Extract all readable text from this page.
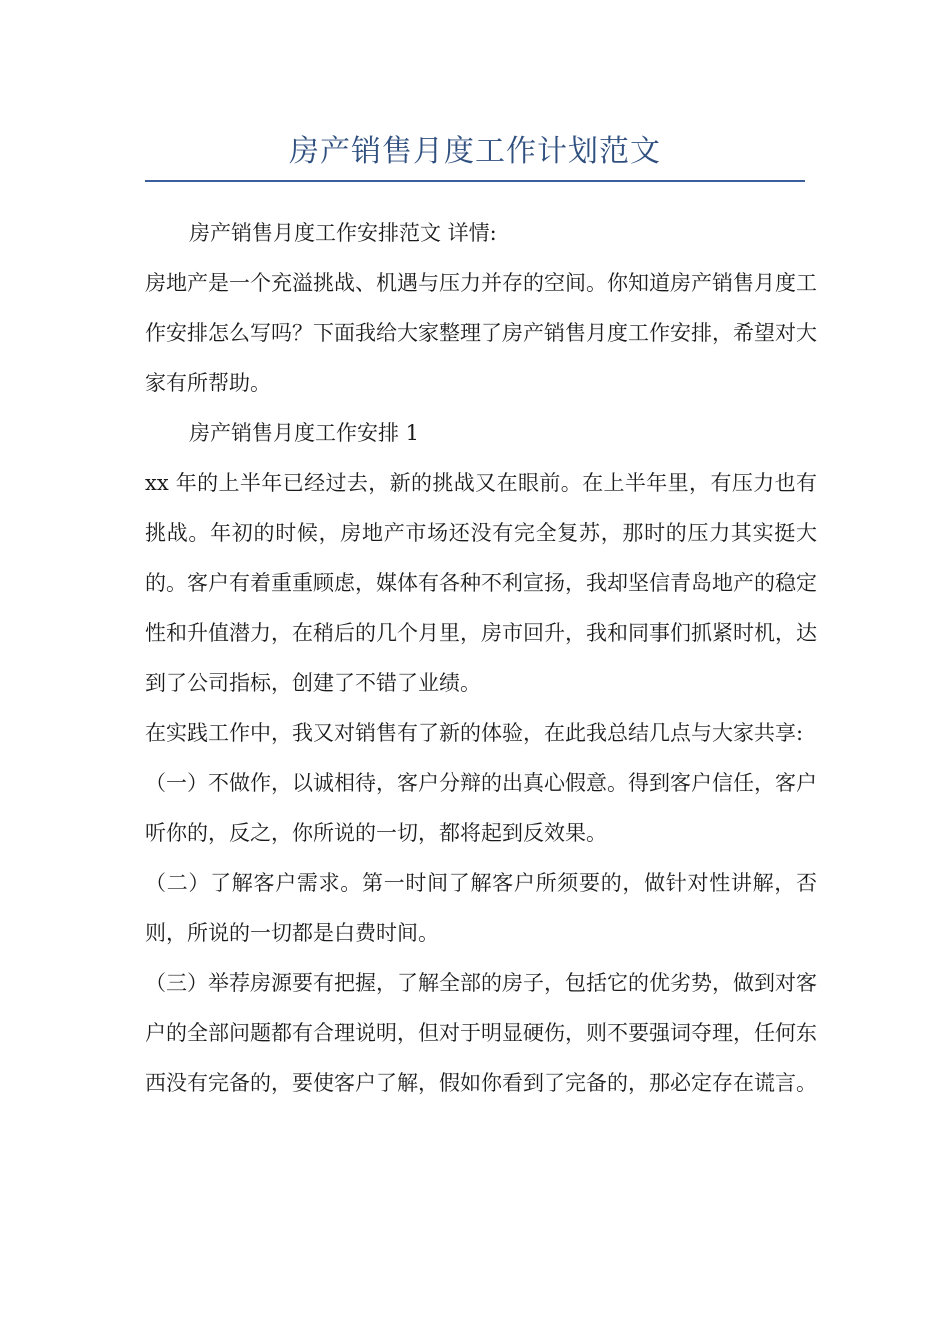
房产销售月度工作计划范文

房产销售月度工作安排范文 详情:

房地产是一个充溢挑战、机遇与压力并存的空间。你知道房产销售月度工作安排怎么写吗？下面我给大家整理了房产销售月度工作安排，希望对大家有所帮助。

房产销售月度工作安排 1

xx 年的上半年已经过去，新的挑战又在眼前。在上半年里，有压力也有挑战。年初的时候，房地产市场还没有完全复苏，那时的压力其实挺大的。客户有着重重顾虑，媒体有各种不利宣扬，我却坚信青岛地产的稳定性和升值潜力，在稍后的几个月里，房市回升，我和同事们抓紧时机，达到了公司指标，创建了不错了业绩。

在实践工作中，我又对销售有了新的体验，在此我总结几点与大家共享:

（一）不做作，以诚相待，客户分辩的出真心假意。得到客户信任，客户听你的，反之，你所说的一切，都将起到反效果。

（二）了解客户需求。第一时间了解客户所须要的，做针对性讲解，否则，所说的一切都是白费时间。

（三）举荐房源要有把握，了解全部的房子，包括它的优劣势，做到对客户的全部问题都有合理说明，但对于明显硬伤，则不要强词夺理，任何东西没有完备的，要使客户了解，假如你看到了完备的，那必定存在谎言。
